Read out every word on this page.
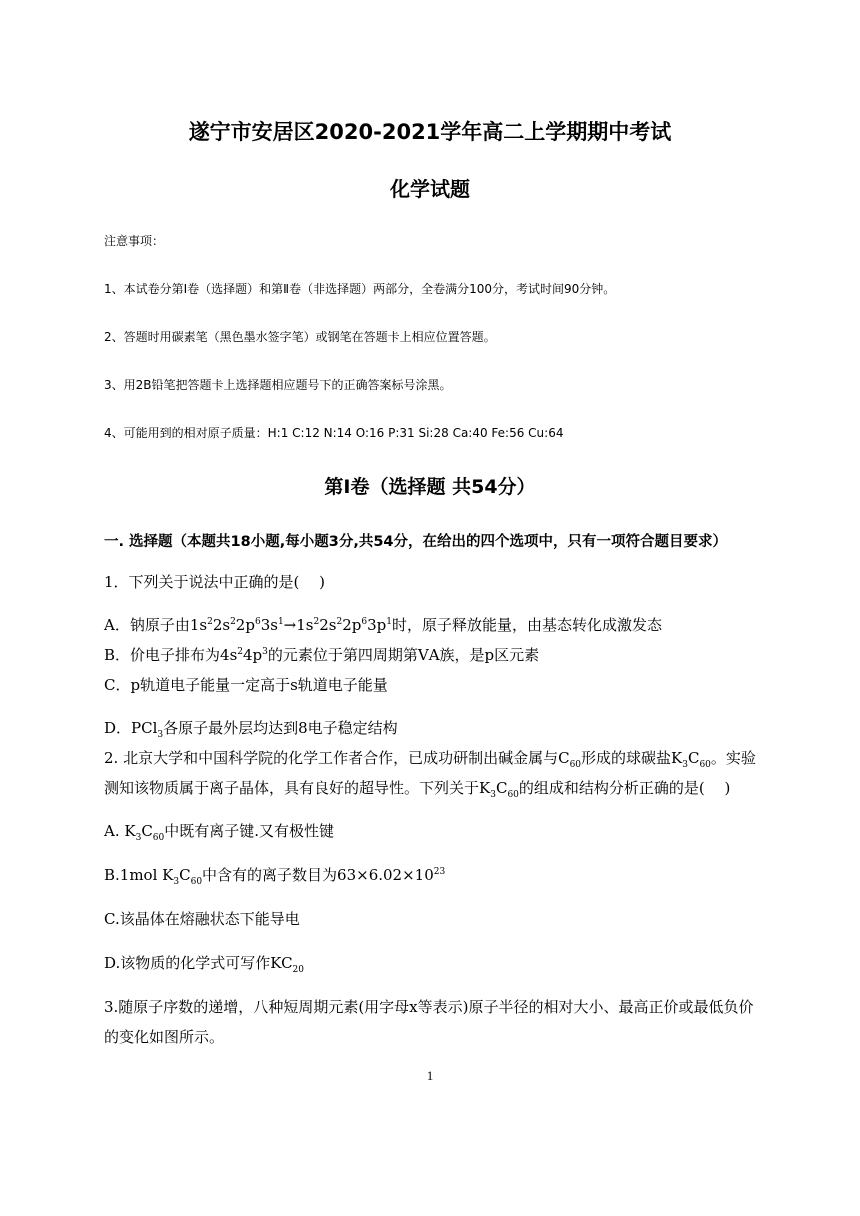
遂宁市安居区2020-2021学年高二上学期期中考试
化学试题
注意事项：
1、本试卷分第Ⅰ卷（选择题）和第Ⅱ卷（非选择题）两部分，全卷满分100分，考试时间90分钟。
2、答题时用碳素笔（黑色墨水签字笔）或钢笔在答题卡上相应位置答题。
3、用2B铅笔把答题卡上选择题相应题号下的正确答案标号涂黑。
4、可能用到的相对原子质量：H:1 C:12 N:14 O:16 P:31 Si:28 Ca:40 Fe:56 Cu:64
第Ⅰ卷（选择题 共54分）
一. 选择题（本题共18小题,每小题3分,共54分，在给出的四个选项中，只有一项符合题目要求）
1．下列关于说法中正确的是(　 )
A．钠原子由$1s^22s^22p^63s^1\to 1s^22s^22p^63p^1$时，原子释放能量，由基态转化成激发态
B．价电子排布为$4s^24p^3$的元素位于第四周期第ⅤA族，是p区元素
C．p轨道电子能量一定高于s轨道电子能量
D．PCl$_3$各原子最外层均达到8电子稳定结构
2. 北京大学和中国科学院的化学工作者合作，已成功研制出碱金属与$C_{60}$形成的球碳盐$K_3C_{60}$。实验
测知该物质属于离子晶体，具有良好的超导性。下列关于$K_3C_{60}$的组成和结构分析正确的是(　 )
A. $K_3C_{60}$中既有离子键.又有极性键
B.1mol $K_3C_{60}$中含有的离子数目为$63\times 6.02\times 10^{23}$
C.该晶体在熔融状态下能导电
D.该物质的化学式可写作$KC_{20}$
3.随原子序数的递增，八种短周期元素(用字母x等表示)原子半径的相对大小、最高正价或最低负价
的变化如图所示。
1
